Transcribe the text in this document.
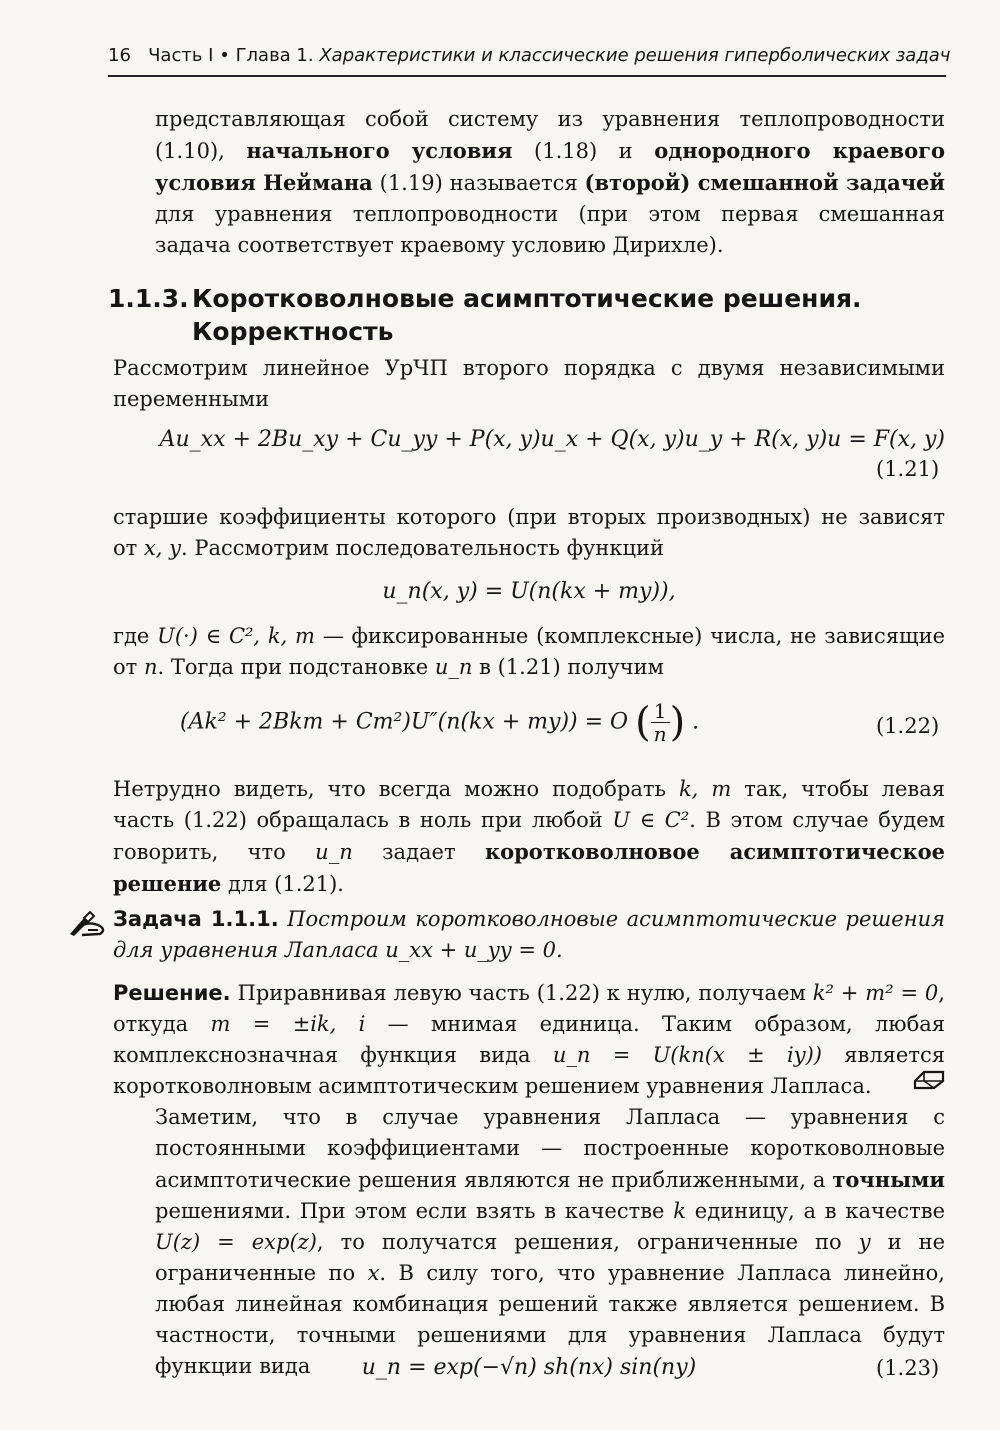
16 Часть I • Глава 1. Характеристики и классические решения гиперболических задач

представляющая собой систему из уравнения теплопроводности (1.10), начального условия (1.18) и однородного краевого условия Неймана (1.19) называется (второй) смешанной задачей для уравнения теплопроводности (при этом первая смешанная задача соответствует краевому условию Дирихле).

1.1.3. Коротковолновые асимптотические решения.
Корректность

Рассмотрим линейное УрЧП второго порядка с двумя независимыми переменными

Au_xx + 2Bu_xy + Cu_yy + P(x, y)u_x + Q(x, y)u_y + R(x, y)u = F(x, y)
(1.21)

старшие коэффициенты которого (при вторых производных) не зависят от x, y. Рассмотрим последовательность функций

u_n(x, y) = U(n(kx + my)),

где U(·) ∈ C², k, m — фиксированные (комплексные) числа, не зависящие от n. Тогда при подстановке u_n в (1.21) получим

(Ak² + 2Bkm + Cm²)U″(n(kx + my)) = O ( $\frac{1}{n}$ ) .	(1.22)

Нетрудно видеть, что всегда можно подобрать k, m так, чтобы левая часть (1.22) обращалась в ноль при любой U ∈ C². В этом случае будем говорить, что u_n задает коротковолновое асимптотическое решение для (1.21).

Задача 1.1.1. Построим коротковолновые асимптотические решения для уравнения Лапласа u_xx + u_yy = 0.

Решение. Приравнивая левую часть (1.22) к нулю, получаем k² + m² = 0, откуда m = ±ik, i — мнимая единица. Таким образом, любая комплекснозначная функция вида u_n = U(kn(x ± iy)) является коротковолновым асимптотическим решением уравнения Лапласа.

Заметим, что в случае уравнения Лапласа — уравнения с постоянными коэффициентами — построенные коротковолновые асимптотические решения являются не приближенными, а точными решениями. При этом если взять в качестве k единицу, а в качестве U(z) = exp(z), то получатся решения, ограниченные по y и не ограниченные по x. В силу того, что уравнение Лапласа линейно, любая линейная комбинация решений также является решением. В частности, точными решениями для уравнения Лапласа будут функции вида	u_n = exp(−√n) sh(nx) sin(ny)	(1.23)
